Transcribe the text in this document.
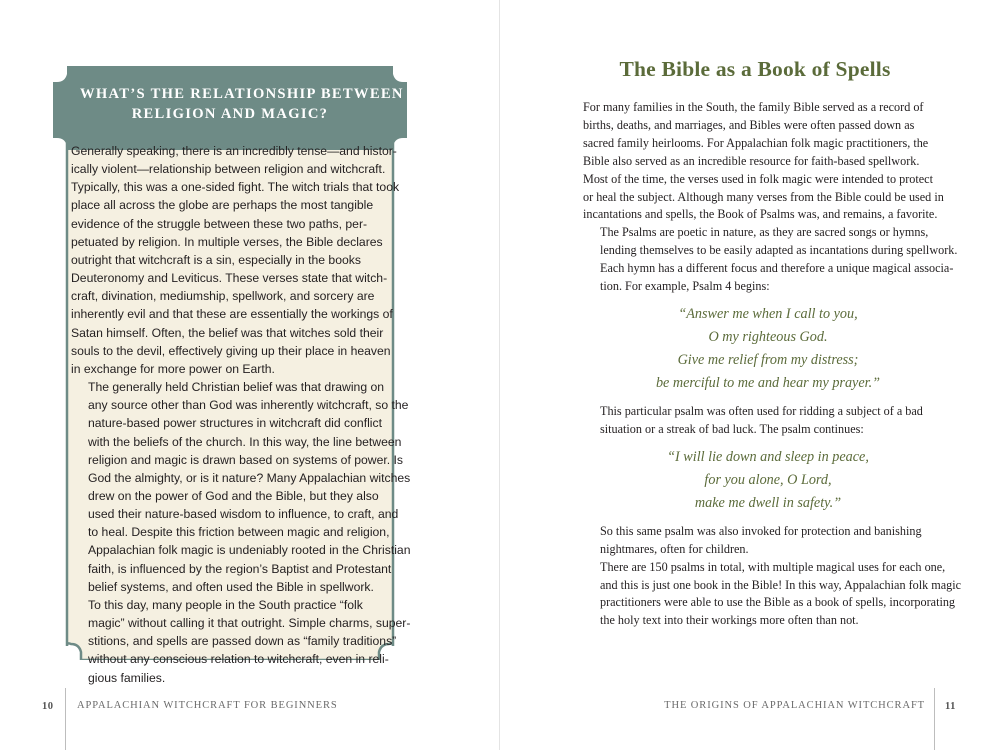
WHAT’S THE RELATIONSHIP BETWEEN
RELIGION AND MAGIC?

Generally speaking, there is an incredibly tense—and histor-
ically violent—relationship between religion and witchcraft.
Typically, this was a one-sided fight. The witch trials that took
place all across the globe are perhaps the most tangible
evidence of the struggle between these two paths, per-
petuated by religion. In multiple verses, the Bible declares
outright that witchcraft is a sin, especially in the books
Deuteronomy and Leviticus. These verses state that witch-
craft, divination, mediumship, spellwork, and sorcery are
inherently evil and that these are essentially the workings of
Satan himself. Often, the belief was that witches sold their
souls to the devil, effectively giving up their place in heaven
in exchange for more power on Earth.

The generally held Christian belief was that drawing on
any source other than God was inherently witchcraft, so the
nature-based power structures in witchcraft did conflict
with the beliefs of the church. In this way, the line between
religion and magic is drawn based on systems of power. Is
God the almighty, or is it nature? Many Appalachian witches
drew on the power of God and the Bible, but they also
used their nature-based wisdom to influence, to craft, and
to heal. Despite this friction between magic and religion,
Appalachian folk magic is undeniably rooted in the Christian
faith, is influenced by the region’s Baptist and Protestant
belief systems, and often used the Bible in spellwork.

To this day, many people in the South practice “folk
magic” without calling it that outright. Simple charms, super-
stitions, and spells are passed down as “family traditions”
without any conscious relation to witchcraft, even in reli-
gious families.

The Bible as a Book of Spells

For many families in the South, the family Bible served as a record of
births, deaths, and marriages, and Bibles were often passed down as
sacred family heirlooms. For Appalachian folk magic practitioners, the
Bible also served as an incredible resource for faith-based spellwork.
Most of the time, the verses used in folk magic were intended to protect
or heal the subject. Although many verses from the Bible could be used in
incantations and spells, the Book of Psalms was, and remains, a favorite.

The Psalms are poetic in nature, as they are sacred songs or hymns,
lending themselves to be easily adapted as incantations during spellwork.
Each hymn has a different focus and therefore a unique magical associa-
tion. For example, Psalm 4 begins:

“Answer me when I call to you,
O my righteous God.
Give me relief from my distress;
be merciful to me and hear my prayer.”

This particular psalm was often used for ridding a subject of a bad
situation or a streak of bad luck. The psalm continues:

“I will lie down and sleep in peace,
for you alone, O Lord,
make me dwell in safety.”

So this same psalm was also invoked for protection and banishing
nightmares, often for children.

There are 150 psalms in total, with multiple magical uses for each one,
and this is just one book in the Bible! In this way, Appalachian folk magic
practitioners were able to use the Bible as a book of spells, incorporating
the holy text into their workings more often than not.

10 APPALACHIAN WITCHCRAFT FOR BEGINNERS	THE ORIGINS OF APPALACHIAN WITCHCRAFT 11
